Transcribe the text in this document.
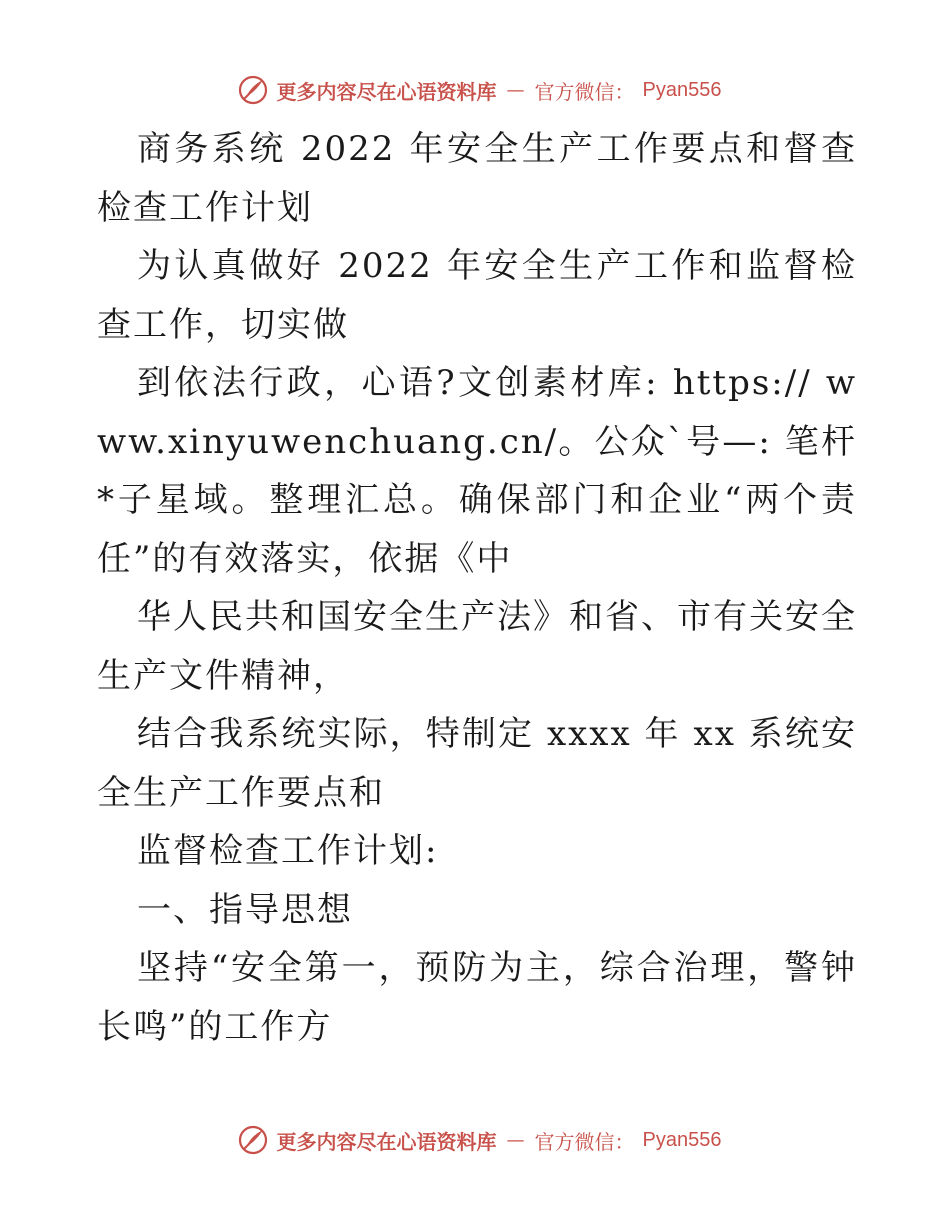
更多内容尽在心语资料库 — 官方微信： Pyan556

商务系统 2022 年安全生产工作要点和督查检查工作计划

为认真做好 2022 年安全生产工作和监督检查工作，切实做

到依法行政，心语?文创素材库: https:// www.xinyuwenchuang.cn/。公众`号—: 笔杆*子星域。整理汇总。确保部门和企业“两个责任”的有效落实，依据《中

华人民共和国安全生产法》和省、市有关安全生产文件精神，

结合我系统实际，特制定 xxxx 年 xx 系统安全生产工作要点和

监督检查工作计划:

一、指导思想

坚持“安全第一，预防为主，综合治理，警钟长鸣”的工作方

更多内容尽在心语资料库 — 官方微信： Pyan556
